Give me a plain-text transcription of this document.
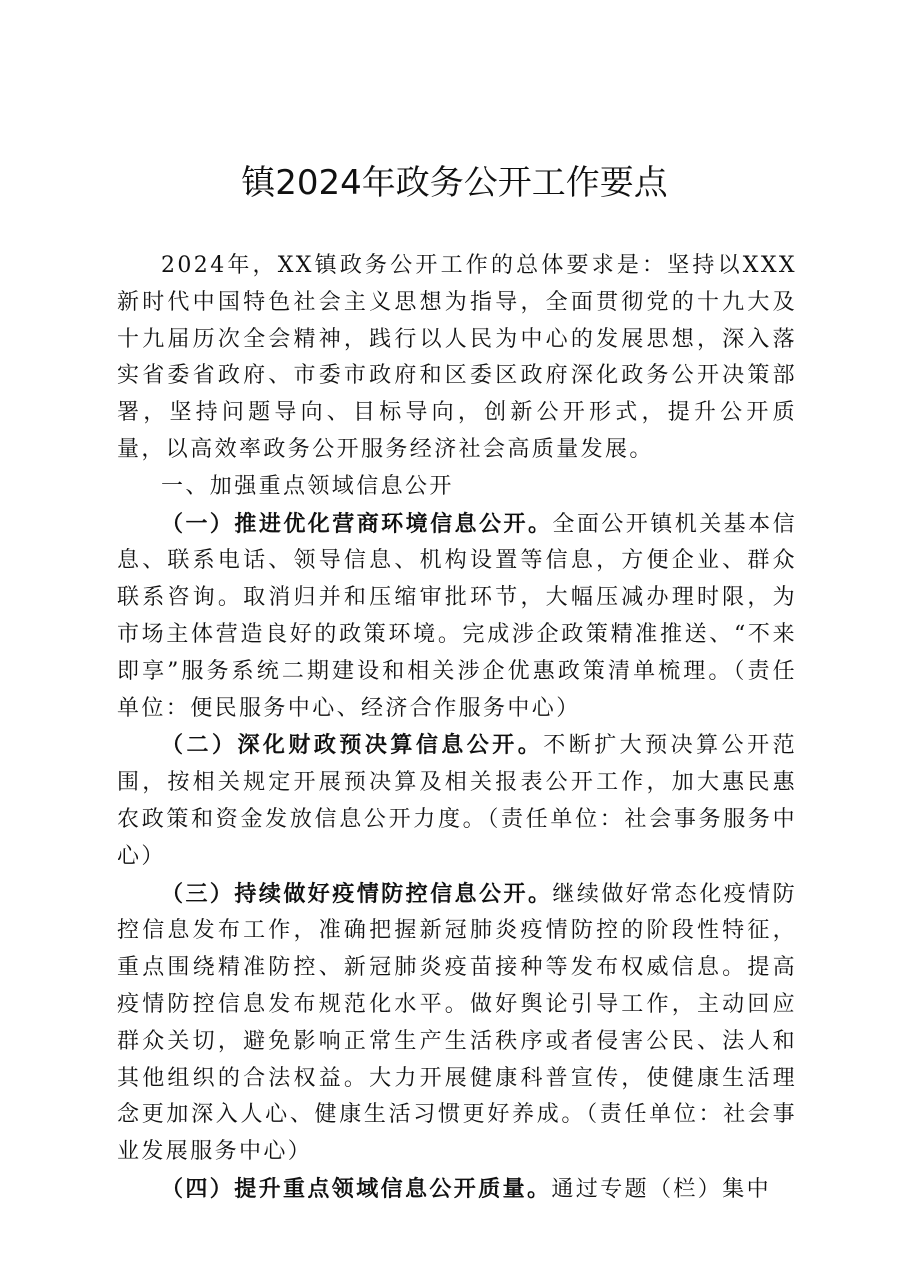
镇2024年政务公开工作要点

2024年，XX镇政务公开工作的总体要求是：坚持以XXX新时代中国特色社会主义思想为指导，全面贯彻党的十九大及十九届历次全会精神，践行以人民为中心的发展思想，深入落实省委省政府、市委市政府和区委区政府深化政务公开决策部署，坚持问题导向、目标导向，创新公开形式，提升公开质量，以高效率政务公开服务经济社会高质量发展。

一、加强重点领域信息公开

（一）推进优化营商环境信息公开。全面公开镇机关基本信息、联系电话、领导信息、机构设置等信息，方便企业、群众联系咨询。取消归并和压缩审批环节，大幅压减办理时限，为市场主体营造良好的政策环境。完成涉企政策精准推送、“不来即享”服务系统二期建设和相关涉企优惠政策清单梳理。（责任单位：便民服务中心、经济合作服务中心）

（二）深化财政预决算信息公开。不断扩大预决算公开范围，按相关规定开展预决算及相关报表公开工作，加大惠民惠农政策和资金发放信息公开力度。（责任单位：社会事务服务中心）

（三）持续做好疫情防控信息公开。继续做好常态化疫情防控信息发布工作，准确把握新冠肺炎疫情防控的阶段性特征，重点围绕精准防控、新冠肺炎疫苗接种等发布权威信息。提高疫情防控信息发布规范化水平。做好舆论引导工作，主动回应群众关切，避免影响正常生产生活秩序或者侵害公民、法人和其他组织的合法权益。大力开展健康科普宣传，使健康生活理念更加深入人心、健康生活习惯更好养成。（责任单位：社会事业发展服务中心）

（四）提升重点领域信息公开质量。通过专题（栏）集中
